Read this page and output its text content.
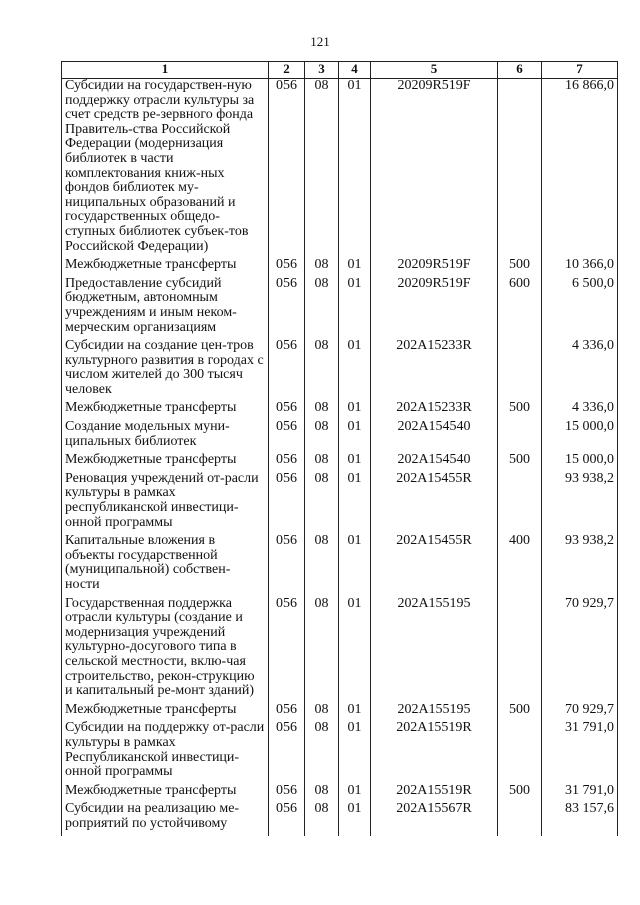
121
1	2	3	4	5	6	7
Субсидии на государствен-ную поддержку отрасли культуры за счет средств ре-зервного фонда Правитель-ства Российской Федерации (модернизация библиотек в части комплектования книж-ных фондов библиотек му-ниципальных образований и государственных общедо-ступных библиотек субъек-тов Российской Федерации)	056	08	01	20209R519F		16 866,0
Межбюджетные трансферты	056	08	01	20209R519F	500	10 366,0
Предоставление субсидий бюджетным, автономным учреждениям и иным неком-мерческим организациям	056	08	01	20209R519F	600	6 500,0
Субсидии на создание цен-тров культурного развития в городах с числом жителей до 300 тысяч человек	056	08	01	202A15233R		4 336,0
Межбюджетные трансферты	056	08	01	202A15233R	500	4 336,0
Создание модельных муни-ципальных библиотек	056	08	01	202A154540		15 000,0
Межбюджетные трансферты	056	08	01	202A154540	500	15 000,0
Реновация учреждений от-расли культуры в рамках республиканской инвестици-онной программы	056	08	01	202A15455R		93 938,2
Капитальные вложения в объекты государственной (муниципальной) собствен-ности	056	08	01	202A15455R	400	93 938,2
Государственная поддержка отрасли культуры (создание и модернизация учреждений культурно-досугового типа в сельской местности, вклю-чая строительство, рекон-струкцию и капитальный ре-монт зданий)	056	08	01	202A155195		70 929,7
Межбюджетные трансферты	056	08	01	202A155195	500	70 929,7
Субсидии на поддержку от-расли культуры в рамках Республиканской инвестици-онной программы	056	08	01	202A15519R		31 791,0
Межбюджетные трансферты	056	08	01	202A15519R	500	31 791,0
Субсидии на реализацию ме-роприятий по устойчивому	056	08	01	202A15567R		83 157,6
